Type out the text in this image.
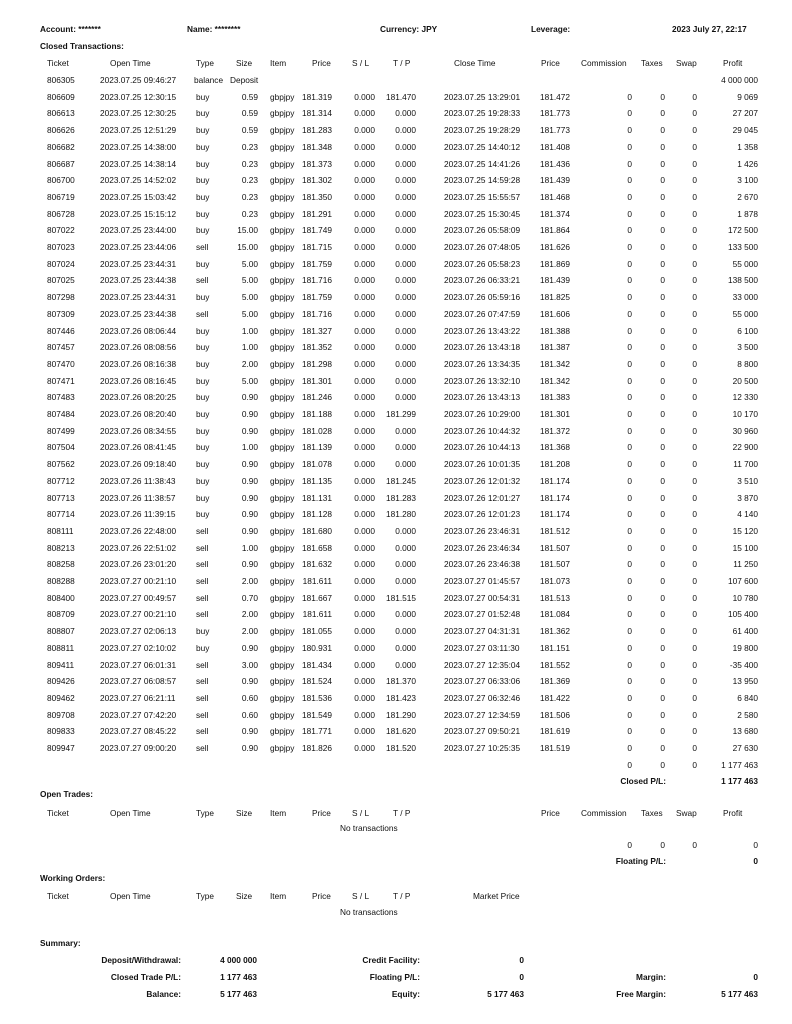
Account: *******	Name: ********	Currency: JPY	Leverage:	2023 July 27, 22:17
Closed Transactions:
Ticket	Open Time	Type	Size Item	Price	S / L	T / P	Close Time	Price	Commission Taxes Swap	Profit
806305	2023.07.25 09:46:27 balance Deposit	4 000 000
806609	2023.07.25 12:30:15 buy	0.59 gbpjpy 181.319	0.000 181.470	2023.07.25 13:29:01 181.472	0	0	0	9 069
806613	2023.07.25 12:30:25 buy	0.59 gbpjpy 181.314	0.000 0.000	2023.07.25 19:28:33 181.773	0	0	0	27 207
806626	2023.07.25 12:51:29 buy	0.59 gbpjpy 181.283	0.000 0.000	2023.07.25 19:28:29 181.773	0	0	0	29 045
806682	2023.07.25 14:38:00 buy	0.23 gbpjpy 181.348	0.000 0.000	2023.07.25 14:40:12 181.408	0	0	0	1 358
806687	2023.07.25 14:38:14 buy	0.23 gbpjpy 181.373	0.000 0.000	2023.07.25 14:41:26 181.436	0	0	0	1 426
806700	2023.07.25 14:52:02 buy	0.23 gbpjpy 181.302	0.000 0.000	2023.07.25 14:59:28 181.439	0	0	0	3 100
806719	2023.07.25 15:03:42 buy	0.23 gbpjpy 181.350	0.000 0.000	2023.07.25 15:55:57 181.468	0	0	0	2 670
806728	2023.07.25 15:15:12 buy	0.23 gbpjpy 181.291	0.000 0.000	2023.07.25 15:30:45 181.374	0	0	0	1 878
807022	2023.07.25 23:44:00 buy	15.00 gbpjpy 181.749	0.000 0.000	2023.07.26 05:58:09 181.864	0	0	0	172 500
807023	2023.07.25 23:44:06 sell	15.00 gbpjpy 181.715	0.000 0.000	2023.07.26 07:48:05 181.626	0	0	0	133 500
807024	2023.07.25 23:44:31 buy	5.00 gbpjpy 181.759	0.000 0.000	2023.07.26 05:58:23 181.869	0	0	0	55 000
807025	2023.07.25 23:44:38 sell	5.00 gbpjpy 181.716	0.000 0.000	2023.07.26 06:33:21 181.439	0	0	0	138 500
807298	2023.07.25 23:44:31 buy	5.00 gbpjpy 181.759	0.000 0.000	2023.07.26 05:59:16 181.825	0	0	0	33 000
807309	2023.07.25 23:44:38 sell	5.00 gbpjpy 181.716	0.000 0.000	2023.07.26 07:47:59 181.606	0	0	0	55 000
807446	2023.07.26 08:06:44 buy	1.00 gbpjpy 181.327	0.000 0.000	2023.07.26 13:43:22 181.388	0	0	0	6 100
807457	2023.07.26 08:08:56 buy	1.00 gbpjpy 181.352	0.000 0.000	2023.07.26 13:43:18 181.387	0	0	0	3 500
807470	2023.07.26 08:16:38 buy	2.00 gbpjpy 181.298	0.000 0.000	2023.07.26 13:34:35 181.342	0	0	0	8 800
807471	2023.07.26 08:16:45 buy	5.00 gbpjpy 181.301	0.000 0.000	2023.07.26 13:32:10 181.342	0	0	0	20 500
807483	2023.07.26 08:20:25 buy	0.90 gbpjpy 181.246	0.000 0.000	2023.07.26 13:43:13 181.383	0	0	0	12 330
807484	2023.07.26 08:20:40 buy	0.90 gbpjpy 181.188	0.000 181.299	2023.07.26 10:29:00 181.301	0	0	0	10 170
807499	2023.07.26 08:34:55 buy	0.90 gbpjpy 181.028	0.000 0.000	2023.07.26 10:44:32 181.372	0	0	0	30 960
807504	2023.07.26 08:41:45 buy	1.00 gbpjpy 181.139	0.000 0.000	2023.07.26 10:44:13 181.368	0	0	0	22 900
807562	2023.07.26 09:18:40 buy	0.90 gbpjpy 181.078	0.000 0.000	2023.07.26 10:01:35 181.208	0	0	0	11 700
807712	2023.07.26 11:38:43 buy	0.90 gbpjpy 181.135	0.000 181.245	2023.07.26 12:01:32 181.174	0	0	0	3 510
807713	2023.07.26 11:38:57 buy	0.90 gbpjpy 181.131	0.000 181.283	2023.07.26 12:01:27 181.174	0	0	0	3 870
807714	2023.07.26 11:39:15 buy	0.90 gbpjpy 181.128	0.000 181.280	2023.07.26 12:01:23 181.174	0	0	0	4 140
808111	2023.07.26 22:48:00 sell	0.90 gbpjpy 181.680	0.000 0.000	2023.07.26 23:46:31 181.512	0	0	0	15 120
808213	2023.07.26 22:51:02 sell	1.00 gbpjpy 181.658	0.000 0.000	2023.07.26 23:46:34 181.507	0	0	0	15 100
808258	2023.07.26 23:01:20 sell	0.90 gbpjpy 181.632	0.000 0.000	2023.07.26 23:46:38 181.507	0	0	0	11 250
808288	2023.07.27 00:21:10 sell	2.00 gbpjpy 181.611	0.000 0.000	2023.07.27 01:45:57 181.073	0	0	0	107 600
808400	2023.07.27 00:49:57 sell	0.70 gbpjpy 181.667	0.000 181.515	2023.07.27 00:54:31 181.513	0	0	0	10 780
808709	2023.07.27 00:21:10 sell	2.00 gbpjpy 181.611	0.000 0.000	2023.07.27 01:52:48 181.084	0	0	0	105 400
808807	2023.07.27 02:06:13 buy	2.00 gbpjpy 181.055	0.000 0.000	2023.07.27 04:31:31 181.362	0	0	0	61 400
808811	2023.07.27 02:10:02 buy	0.90 gbpjpy 180.931	0.000 0.000	2023.07.27 03:11:30 181.151	0	0	0	19 800
809411	2023.07.27 06:01:31 sell	3.00 gbpjpy 181.434	0.000 0.000	2023.07.27 12:35:04 181.552	0	0	0	-35 400
809426	2023.07.27 06:08:57 sell	0.90 gbpjpy 181.524	0.000 181.370	2023.07.27 06:33:06 181.369	0	0	0	13 950
809462	2023.07.27 06:21:11 sell	0.60 gbpjpy 181.536	0.000 181.423	2023.07.27 06:32:46 181.422	0	0	0	6 840
809708	2023.07.27 07:42:20 sell	0.60 gbpjpy 181.549	0.000 181.290	2023.07.27 12:34:59 181.506	0	0	0	2 580
809833	2023.07.27 08:45:22 sell	0.90 gbpjpy 181.771	0.000 181.620	2023.07.27 09:50:21 181.619	0	0	0	13 680
809947	2023.07.27 09:00:20 sell	0.90 gbpjpy 181.826	0.000 181.520	2023.07.27 10:25:35 181.519	0	0	0	27 630
0	0	0	1 177 463
Closed P/L:	1 177 463
Open Trades:
Ticket	Open Time	Type	Size Item	Price	S / L	T / P	Price	Commission Taxes Swap	Profit
No transactions
0	0	0	0
Floating P/L:	0
Working Orders:
Ticket	Open Time	Type	Size Item	Price	S / L	T / P	Market Price
No transactions
Summary:
Deposit/Withdrawal:	4 000 000
Closed Trade P/L:	1 177 463
Balance:	5 177 463
Credit Facility:	0
Floating P/L:	0
Equity:	5 177 463
Margin:	0
Free Margin:	5 177 463
